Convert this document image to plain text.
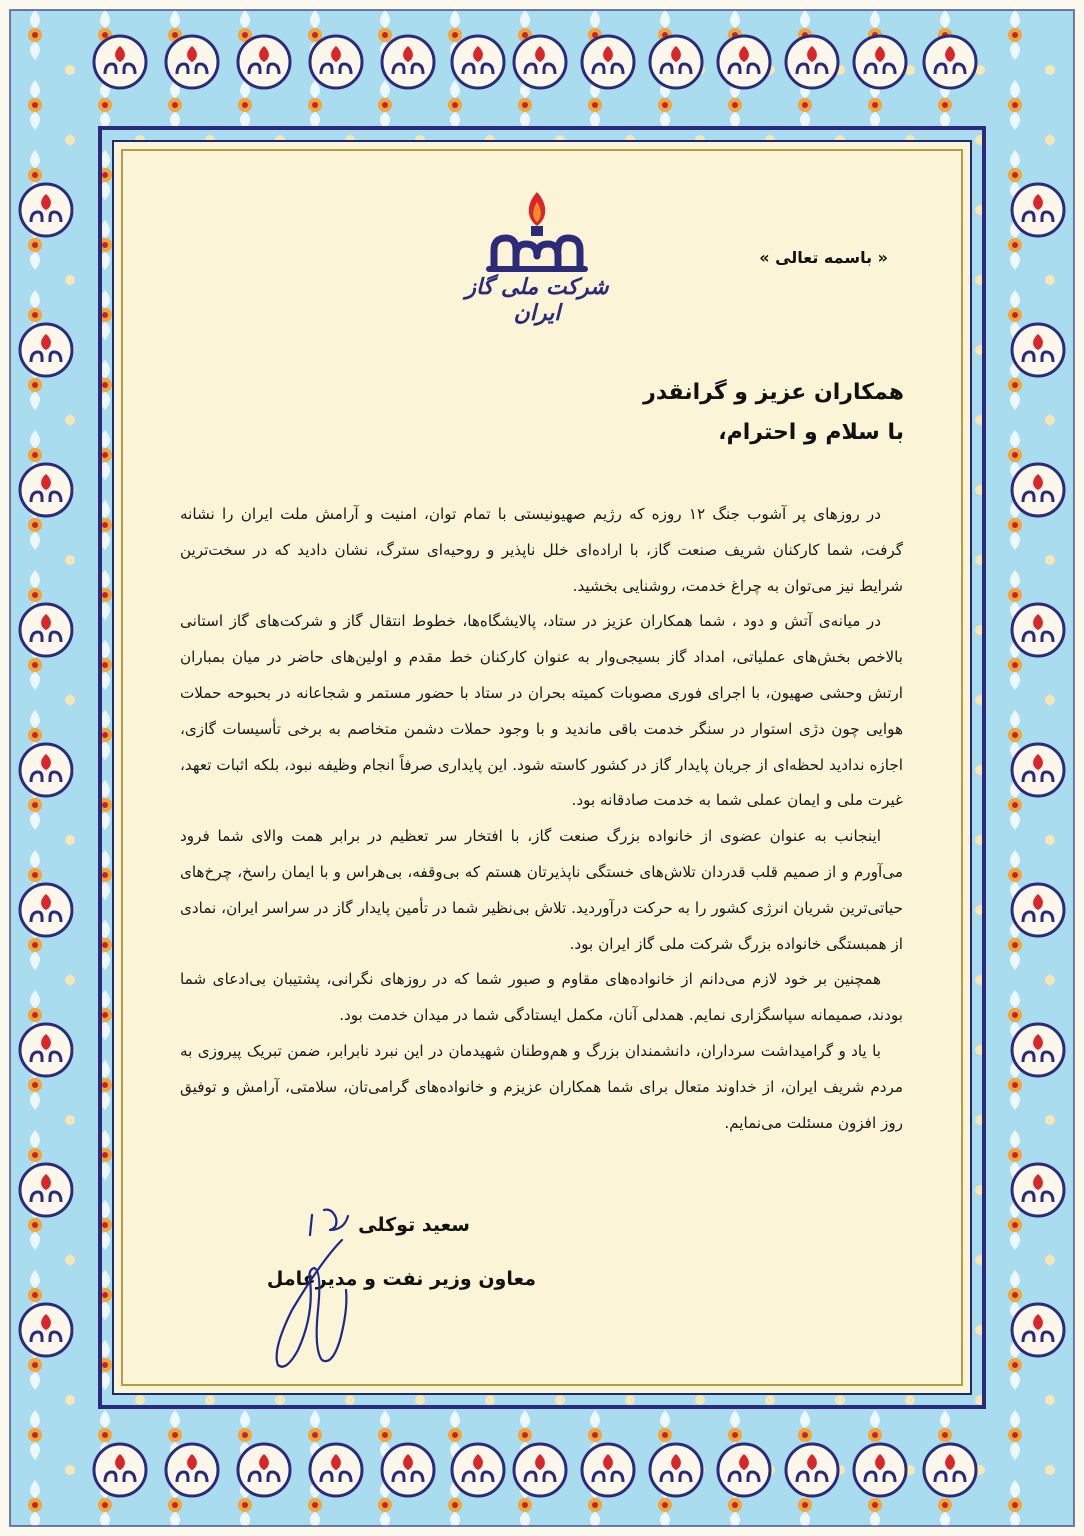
شرکت ملی گاز ایران
« باسمه تعالی »
همکاران عزیز و گرانقدر
با سلام و احترام،

در روزهای پر آشوب جنگ ۱۲ روزه که رژیم صهیونیستی با تمام توان، امنیت و آرامش ملت ایران را نشانه گرفت، شما کارکنان شریف صنعت گاز، با اراده‌ای خلل ناپذیر و روحیه‌ای سترگ، نشان دادید که در سخت‌ترین شرایط نیز می‌توان به چراغ خدمت، روشنایی بخشید.

در میانه‌ی آتش و دود ، شما همکاران عزیز در ستاد، پالایشگاه‌ها، خطوط انتقال گاز و شرکت‌های گاز استانی بالاخص بخش‌های عملیاتی، امداد گاز بسیجی‌وار به عنوان کارکنان خط مقدم و اولین‌های حاضر در میان بمباران ارتش وحشی صهیون، با اجرای فوری مصوبات کمیته بحران در ستاد با حضور مستمر و شجاعانه در بحبوحه حملات هوایی چون دژی استوار در سنگر خدمت باقی ماندید و با وجود حملات دشمن متخاصم به برخی تأسیسات گازی، اجازه ندادید لحظه‌ای از جریان پایدار گاز در کشور کاسته شود. این پایداری صرفاً انجام وظیفه نبود، بلکه اثبات تعهد، غیرت ملی و ایمان عملی شما به خدمت صادقانه بود.

اینجانب به عنوان عضوی از خانواده بزرگ صنعت گاز، با افتخار سر تعظیم در برابر همت والای شما فرود می‌آورم و از صمیم قلب قدردان تلاش‌های خستگی ناپذیرتان هستم که بی‌وقفه، بی‌هراس و با ایمان راسخ، چرخ‌های حیاتی‌ترین شریان انرژی کشور را به حرکت درآوردید. تلاش بی‌نظیر شما در تأمین پایدار گاز در سراسر ایران، نمادی از همبستگی خانواده بزرگ شرکت ملی گاز ایران بود.

همچنین بر خود لازم می‌دانم از خانواده‌های مقاوم و صبور شما که در روزهای نگرانی، پشتیبان بی‌ادعای شما بودند، صمیمانه سپاسگزاری نمایم. همدلی آنان، مکمل ایستادگی شما در میدان خدمت بود.

با یاد و گرامیداشت سرداران، دانشمندان بزرگ و هم‌وطنان شهیدمان در این نبرد نابرابر، ضمن تبریک پیروزی به مردم شریف ایران، از خداوند متعال برای شما همکاران عزیزم و خانواده‌های گرامی‌تان، سلامتی، آرامش و توفیق روز افزون مسئلت می‌نمایم.

سعید توکلی
معاون وزیر نفت و مدیرعامل
